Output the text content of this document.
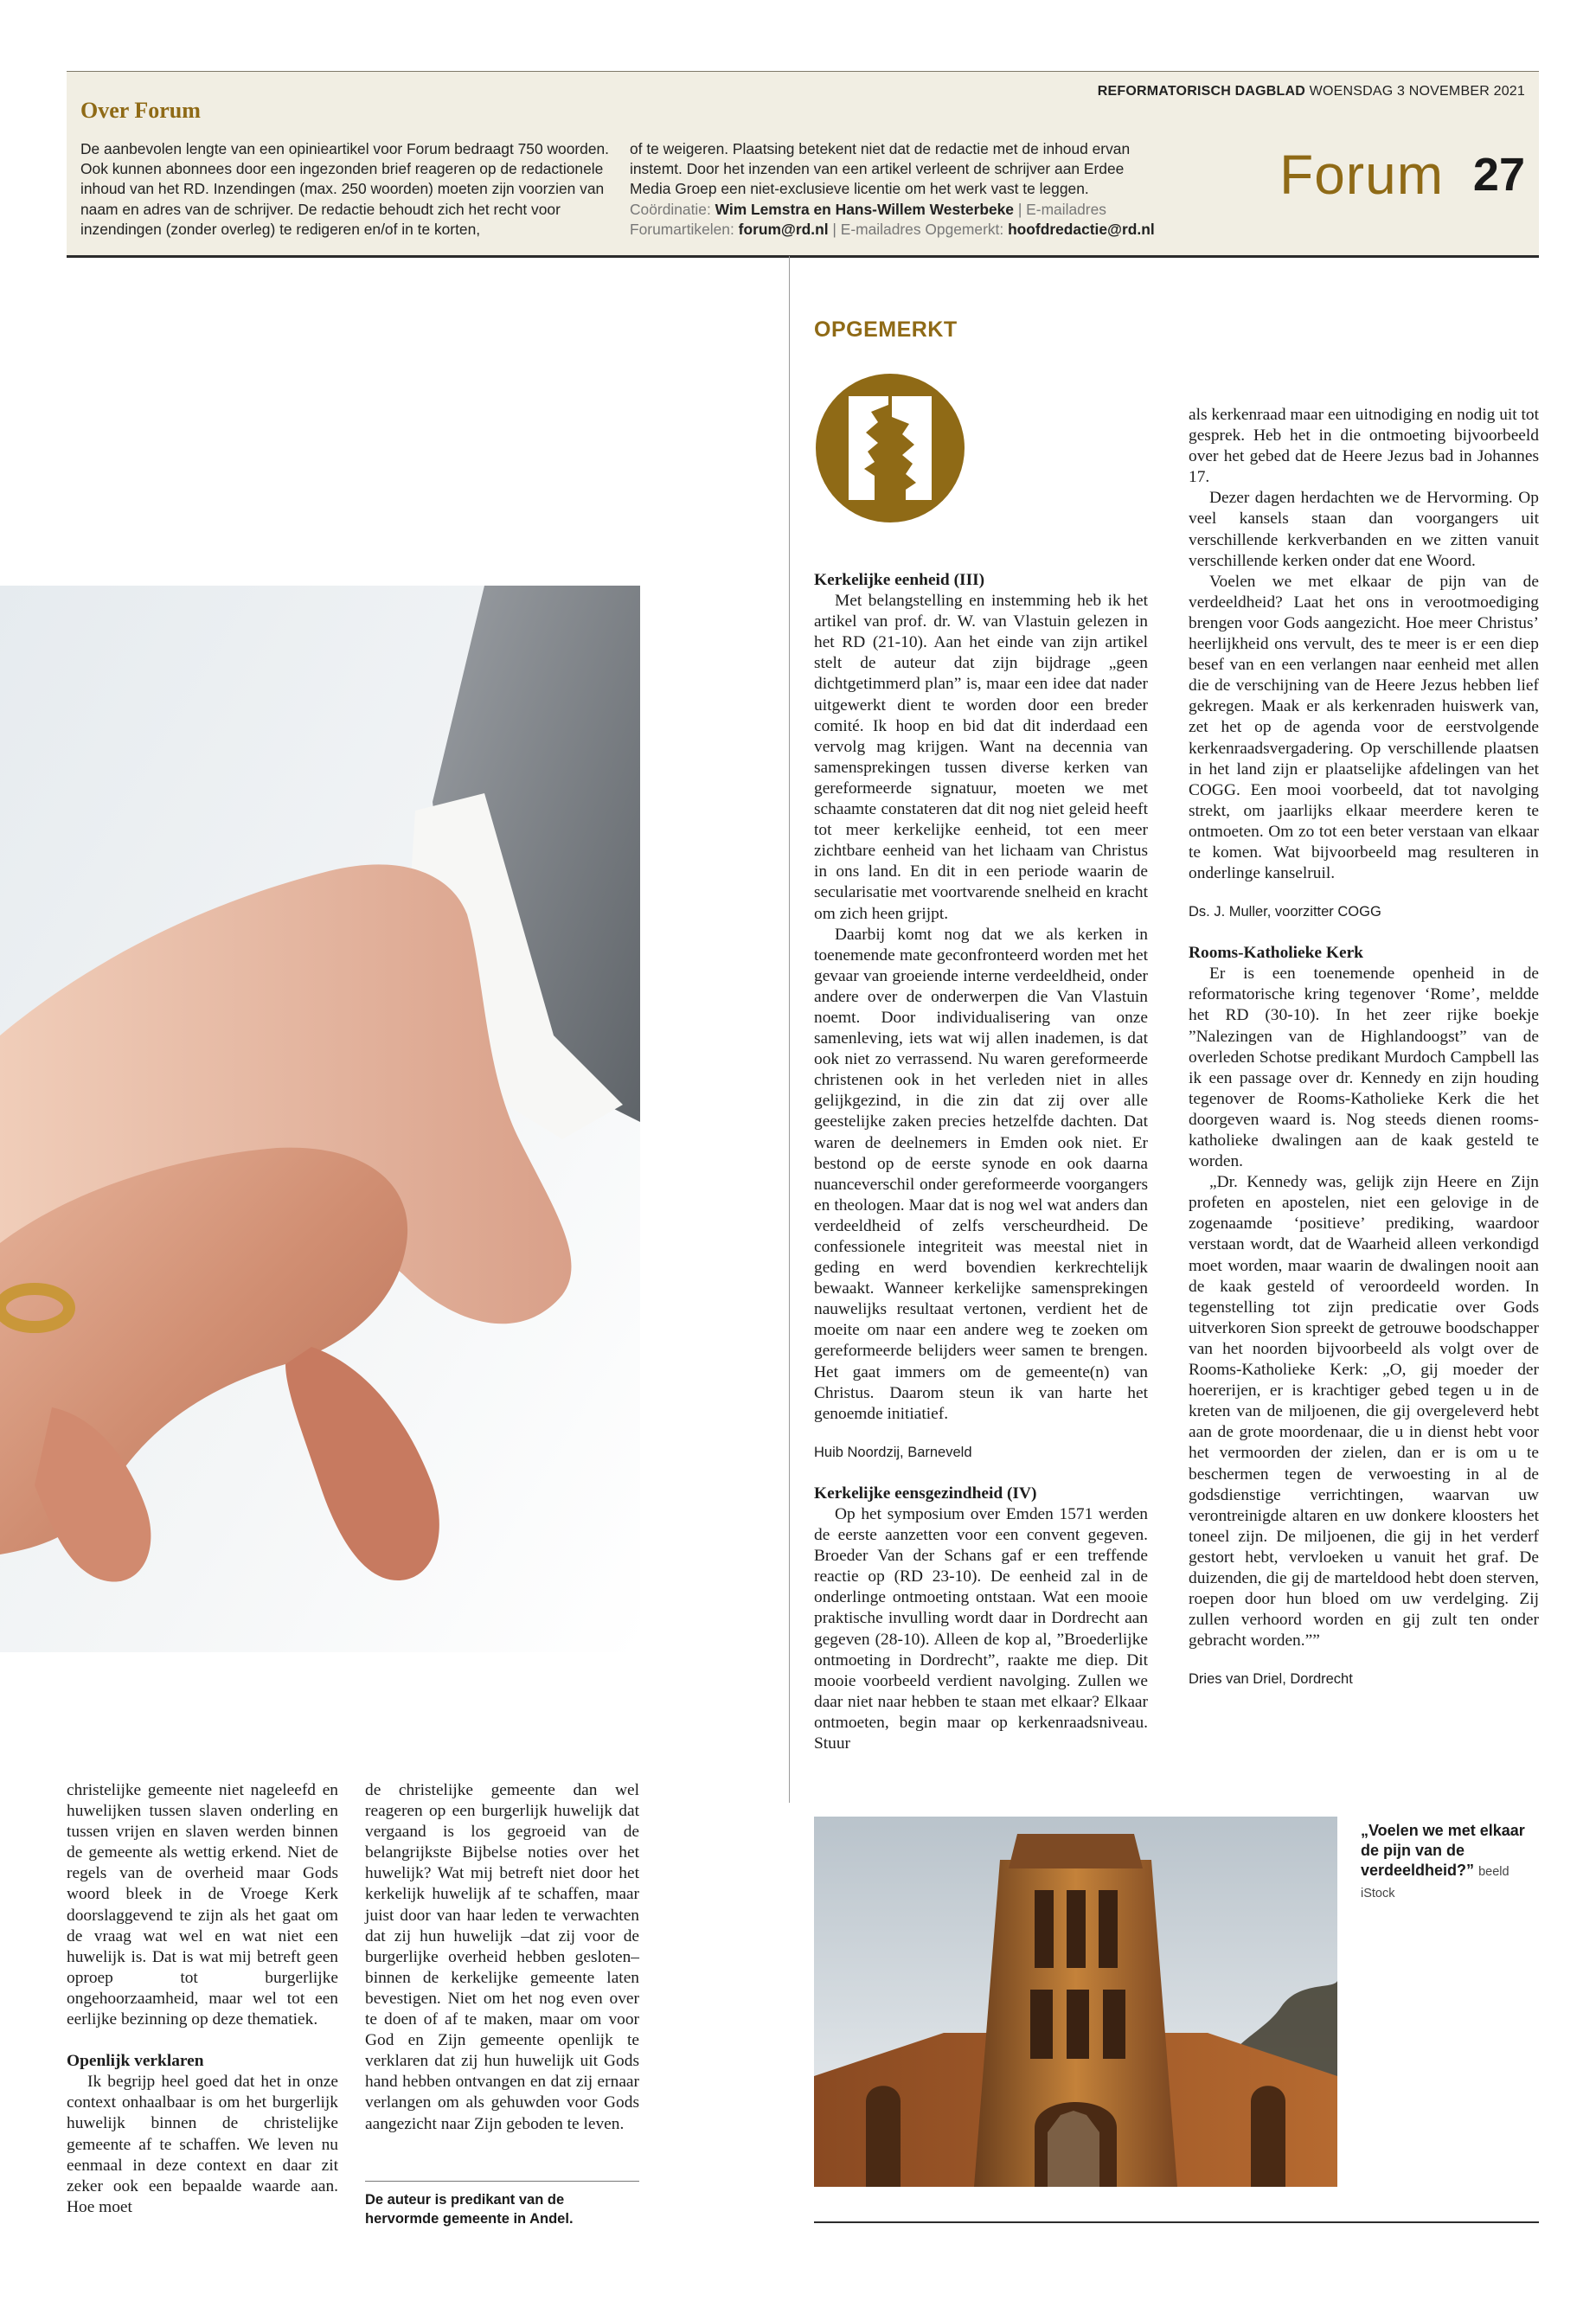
Over Forum
De aanbevolen lengte van een opinieartikel voor Forum bedraagt 750 woorden. Ook kunnen abonnees door een ingezonden brief reageren op de redactionele inhoud van het RD. Inzendingen (max. 250 woorden) moeten zijn voorzien van naam en adres van de schrijver. De redactie behoudt zich het recht voor inzendingen (zonder overleg) te redigeren en/of in te korten,
of te weigeren. Plaatsing betekent niet dat de redactie met de inhoud ervan instemt. Door het inzenden van een artikel verleent de schrijver aan Erdee Media Groep een niet-exclusieve licentie om het werk vast te leggen. Coördinatie: Wim Lemstra en Hans-Willem Westerbeke | E-mailadres Forumartikelen: forum@rd.nl | E-mailadres Opgemerkt: hoofdredactie@rd.nl
REFORMATORISCH DAGBLAD WOENSDAG 3 NOVEMBER 2021
Forum 27

christelijke gemeente niet nageleefd en huwelijken tussen slaven onderling en tussen vrijen en slaven werden binnen de gemeente als wettig erkend. Niet de regels van de overheid maar Gods woord bleek in de Vroege Kerk doorslaggevend te zijn als het gaat om de vraag wat wel en wat niet een huwelijk is. Dat is wat mij betreft geen oproep tot burgerlijke ongehoorzaamheid, maar wel tot een eerlijke bezinning op deze thematiek.

Openlijk verklaren

Ik begrijp heel goed dat het in onze context onhaalbaar is om het burgerlijk huwelijk binnen de christelijke gemeente af te schaffen. We leven nu eenmaal in deze context en daar zit zeker ook een bepaalde waarde aan. Hoe moet

de christelijke gemeente dan wel reageren op een burgerlijk huwelijk dat vergaand is los gegroeid van de belangrijkste Bijbelse noties over het huwelijk? Wat mij betreft niet door het kerkelijk huwelijk af te schaffen, maar juist door van haar leden te verwachten dat zij hun huwelijk –dat zij voor de burgerlijke overheid hebben gesloten– binnen de kerkelijke gemeente laten bevestigen. Niet om het nog even over te doen of af te maken, maar om voor God en Zijn gemeente openlijk te verklaren dat zij hun huwelijk uit Gods hand hebben ontvangen en dat zij ernaar verlangen om als gehuwden voor Gods aangezicht naar Zijn geboden te leven.

De auteur is predikant van de hervormde gemeente in Andel.
OPGEMERKT
Kerkelijke eenheid (III)

Met belangstelling en instemming heb ik het artikel van prof. dr. W. van Vlastuin gelezen in het RD (21-10). Aan het einde van zijn artikel stelt de auteur dat zijn bijdrage „geen dichtgetimmerd plan” is, maar een idee dat nader uitgewerkt dient te worden door een breder comité. Ik hoop en bid dat dit inderdaad een vervolg mag krijgen. Want na decennia van samensprekingen tussen diverse kerken van gereformeerde signatuur, moeten we met schaamte constateren dat dit nog niet geleid heeft tot meer kerkelijke eenheid, tot een meer zichtbare eenheid van het lichaam van Christus in ons land. En dit in een periode waarin de secularisatie met voortvarende snelheid en kracht om zich heen grijpt.

Daarbij komt nog dat we als kerken in toenemende mate geconfronteerd worden met het gevaar van groeiende interne verdeeldheid, onder andere over de onderwerpen die Van Vlastuin noemt. Door individualisering van onze samenleving, iets wat wij allen inademen, is dat ook niet zo verrassend. Nu waren gereformeerde christenen ook in het verleden niet in alles gelijkgezind, in die zin dat zij over alle geestelijke zaken precies hetzelfde dachten. Dat waren de deelnemers in Emden ook niet. Er bestond op de eerste synode en ook daarna nuanceverschil onder gereformeerde voorgangers en theologen. Maar dat is nog wel wat anders dan verdeeldheid of zelfs verscheurdheid. De confessionele integriteit was meestal niet in geding en werd bovendien kerkrechtelijk bewaakt. Wanneer kerkelijke samensprekingen nauwelijks resultaat vertonen, verdient het de moeite om naar een andere weg te zoeken om gereformeerde belijders weer samen te brengen. Het gaat immers om de gemeente(n) van Christus. Daarom steun ik van harte het genoemde initiatief.

Huib Noordzij, Barneveld

Kerkelijke eensgezindheid (IV)

Op het symposium over Emden 1571 werden de eerste aanzetten voor een convent gegeven. Broeder Van der Schans gaf er een treffende reactie op (RD 23-10). De eenheid zal in de onderlinge ontmoeting ontstaan. Wat een mooie praktische invulling wordt daar in Dordrecht aan gegeven (28-10). Alleen de kop al, ”Broederlijke ontmoeting in Dordrecht”, raakte me diep. Dit mooie voorbeeld verdient navolging. Zullen we daar niet naar hebben te staan met elkaar? Elkaar ontmoeten, begin maar op kerkenraadsniveau. Stuur

als kerkenraad maar een uitnodiging en nodig uit tot gesprek. Heb het in die ontmoeting bijvoorbeeld over het gebed dat de Heere Jezus bad in Johannes 17.

Dezer dagen herdachten we de Hervorming. Op veel kansels staan dan voorgangers uit verschillende kerkverbanden en we zitten vanuit verschillende kerken onder dat ene Woord.

Voelen we met elkaar de pijn van de verdeeldheid? Laat het ons in verootmoediging brengen voor Gods aangezicht. Hoe meer Christus’ heerlijkheid ons vervult, des te meer is er een diep besef van en een verlangen naar eenheid met allen die de verschijning van de Heere Jezus hebben lief gekregen. Maak er als kerkenraden huiswerk van, zet het op de agenda voor de eerstvolgende kerkenraadsvergadering. Op verschillende plaatsen in het land zijn er plaatselijke afdelingen van het COGG. Een mooi voorbeeld, dat tot navolging strekt, om jaarlijks elkaar meerdere keren te ontmoeten. Om zo tot een beter verstaan van elkaar te komen. Wat bijvoorbeeld mag resulteren in onderlinge kanselruil.

Ds. J. Muller, voorzitter COGG

Rooms-Katholieke Kerk

Er is een toenemende openheid in de reformatorische kring tegenover ‘Rome’, meldde het RD (30-10). In het zeer rijke boekje ”Nalezingen van de Highlandoogst” van de overleden Schotse predikant Murdoch Campbell las ik een passage over dr. Kennedy en zijn houding tegenover de Rooms-Katholieke Kerk die het doorgeven waard is. Nog steeds dienen rooms-katholieke dwalingen aan de kaak gesteld te worden.

„Dr. Kennedy was, gelijk zijn Heere en Zijn profeten en apostelen, niet een gelovige in de zogenaamde ‘positieve’ prediking, waardoor verstaan wordt, dat de Waarheid alleen verkondigd moet worden, maar waarin de dwalingen nooit aan de kaak gesteld of veroordeeld worden. In tegenstelling tot zijn predicatie over Gods uitverkoren Sion spreekt de getrouwe boodschapper van het noorden bijvoorbeeld als volgt over de Rooms-Katholieke Kerk: „O, gij moeder der hoererijen, er is krachtiger gebed tegen u in de kreten van de miljoenen, die gij overgeleverd hebt aan de grote moordenaar, die u in dienst hebt voor het vermoorden der zielen, dan er is om u te beschermen tegen de verwoesting in al de godsdienstige verrichtingen, waarvan uw verontreinigde altaren en uw donkere kloosters het toneel zijn. De miljoenen, die gij in het verderf gestort hebt, vervloeken u vanuit het graf. De duizenden, die gij de marteldood hebt doen sterven, roepen door hun bloed om uw verdelging. Zij zullen verhoord worden en gij zult ten onder gebracht worden.””

Dries van Driel, Dordrecht

„Voelen we met elkaar de pijn van de verdeeldheid?” beeld iStock
